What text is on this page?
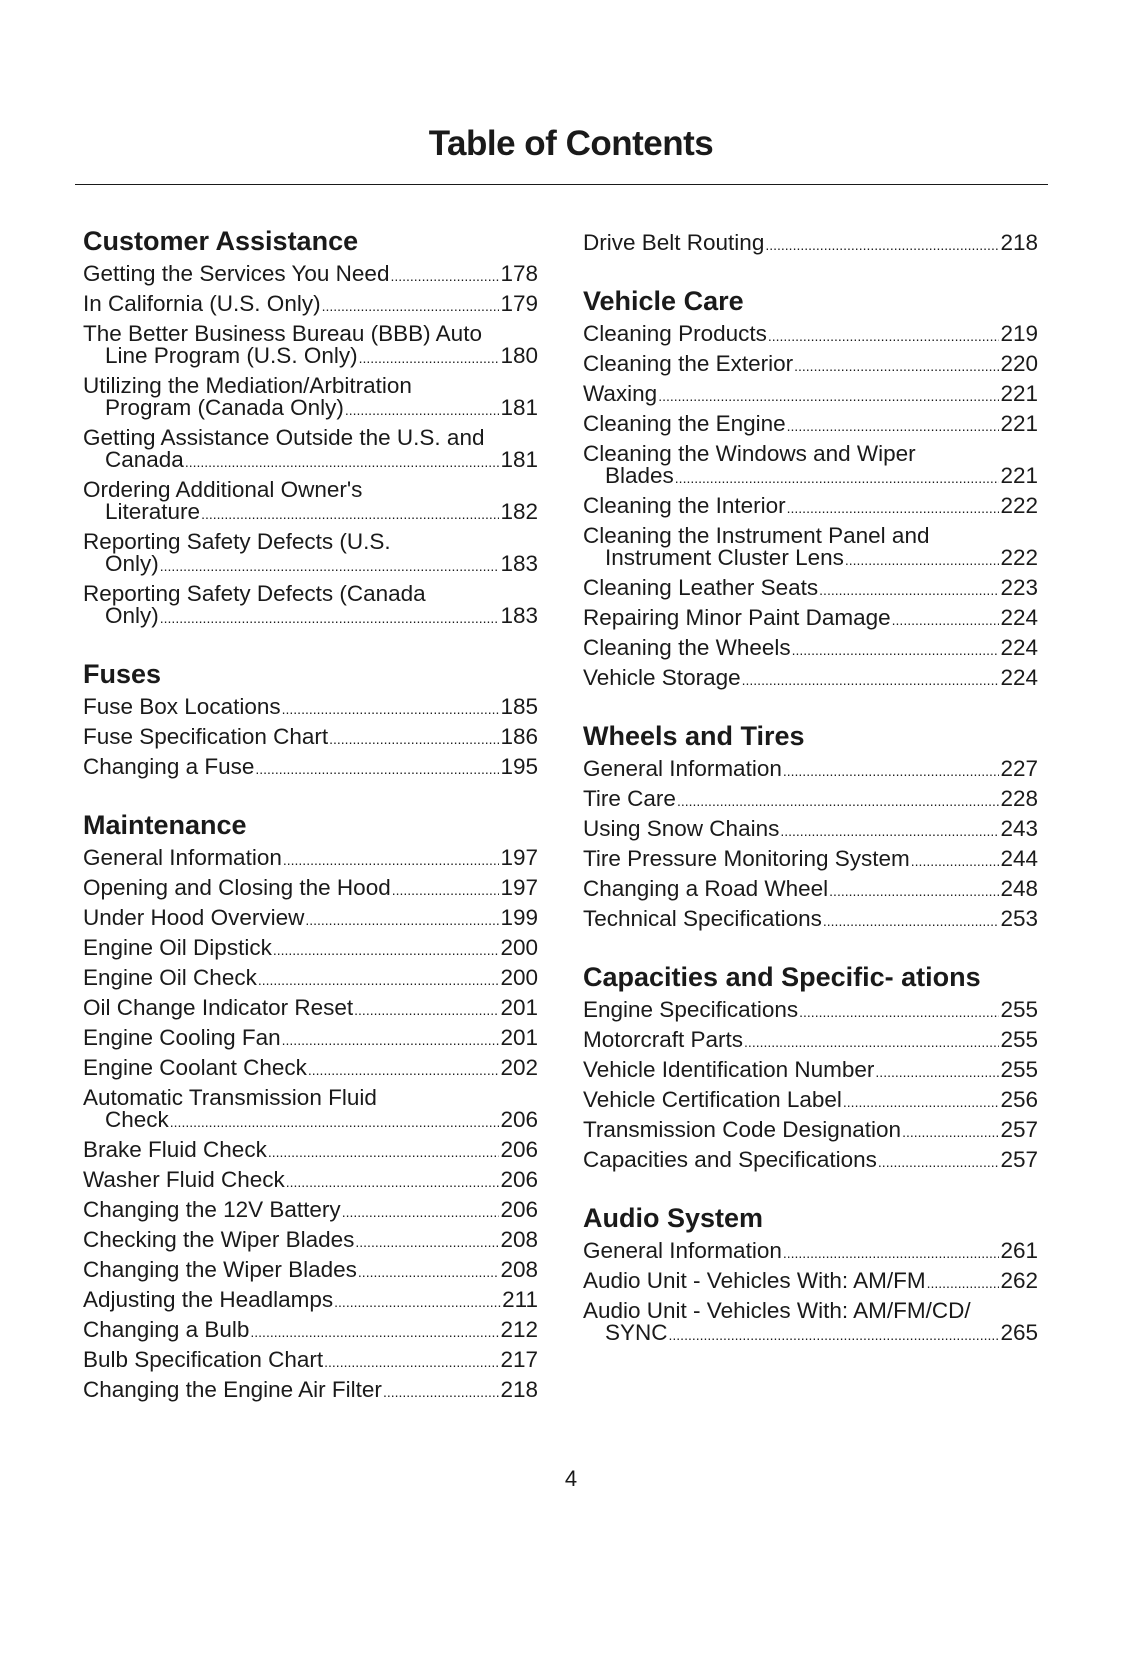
Table of Contents
Customer Assistance
Getting the Services You Need .....	178
In California (U.S. Only) .....	179
The Better Business Bureau (BBB) Auto
Line Program (U.S. Only) .....	180
Utilizing the Mediation/Arbitration
Program (Canada Only) .....	181
Getting Assistance Outside the U.S. and
Canada .....	181
Ordering Additional Owner's
Literature .....	182
Reporting Safety Defects (U.S.
Only) .....	183
Reporting Safety Defects (Canada
Only) .....	183
Fuses
Fuse Box Locations .....	185
Fuse Specification Chart .....	186
Changing a Fuse .....	195
Maintenance
General Information .....	197
Opening and Closing the Hood .....	197
Under Hood Overview .....	199
Engine Oil Dipstick .....	200
Engine Oil Check .....	200
Oil Change Indicator Reset .....	201
Engine Cooling Fan .....	201
Engine Coolant Check .....	202
Automatic Transmission Fluid
Check .....	206
Brake Fluid Check .....	206
Washer Fluid Check .....	206
Changing the 12V Battery .....	206
Checking the Wiper Blades .....	208
Changing the Wiper Blades .....	208
Adjusting the Headlamps .....	211
Changing a Bulb .....	212
Bulb Specification Chart .....	217
Changing the Engine Air Filter .....	218
Drive Belt Routing .....	218
Vehicle Care
Cleaning Products .....	219
Cleaning the Exterior .....	220
Waxing .....	221
Cleaning the Engine .....	221
Cleaning the Windows and Wiper
Blades .....	221
Cleaning the Interior .....	222
Cleaning the Instrument Panel and
Instrument Cluster Lens .....	222
Cleaning Leather Seats .....	223
Repairing Minor Paint Damage .....	224
Cleaning the Wheels .....	224
Vehicle Storage .....	224
Wheels and Tires
General Information .....	227
Tire Care .....	228
Using Snow Chains .....	243
Tire Pressure Monitoring System .....	244
Changing a Road Wheel .....	248
Technical Specifications .....	253
Capacities and Specific- ations
Engine Specifications .....	255
Motorcraft Parts .....	255
Vehicle Identification Number .....	255
Vehicle Certification Label .....	256
Transmission Code Designation .....	257
Capacities and Specifications .....	257
Audio System
General Information .....	261
Audio Unit - Vehicles With: AM/FM .....	262
Audio Unit - Vehicles With: AM/FM/CD/
SYNC .....	265
4
